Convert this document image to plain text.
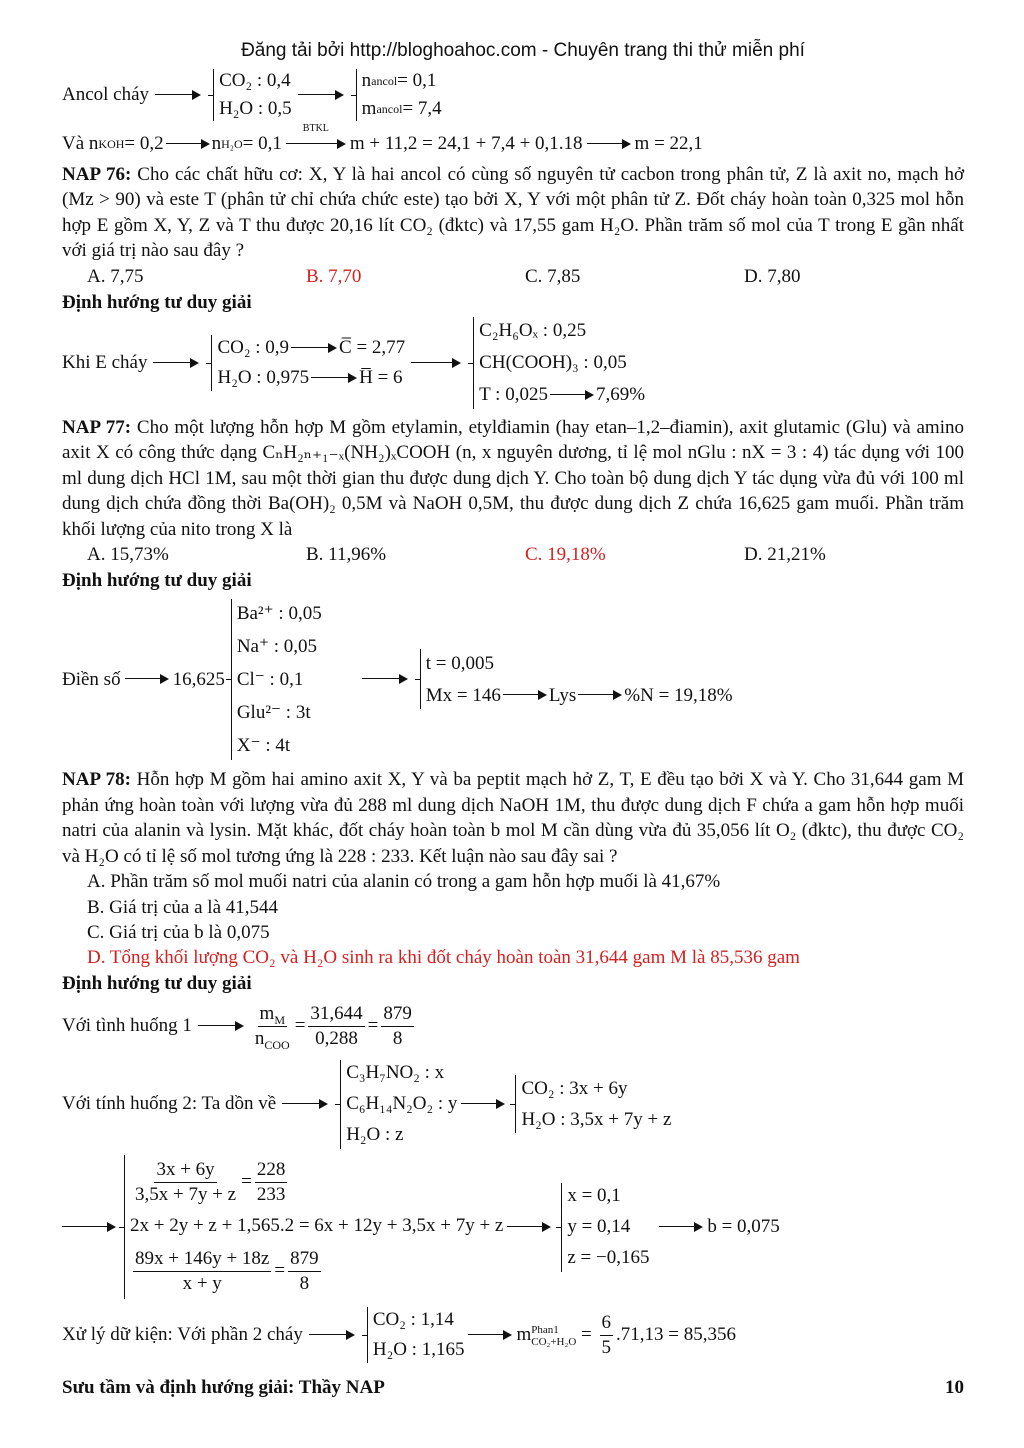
Đăng tải bởi http://bloghoahoc.com - Chuyên trang thi thử miễn phí
Ancol cháy
CO₂ : 0,4
H₂O : 0,5
n ancol = 0,1
m ancol = 7,4
Và n KOH = 0,2	n H₂O = 0,1
BTKL
m + 11,2 = 24,1 + 7,4 + 0,1.18	m = 22,1

NAP 76: Cho các chất hữu cơ: X, Y là hai ancol có cùng số nguyên tử cacbon trong phân tử, Z là axit no, mạch hở (Mz > 90) và este T (phân tử chỉ chứa chức este) tạo bởi X, Y với một phân tử Z. Đốt cháy hoàn toàn 0,325 mol hỗn hợp E gồm X, Y, Z và T thu được 20,16 lít CO₂ (đktc) và 17,55 gam H₂O. Phần trăm số mol của T trong E gần nhất với giá trị nào sau đây ?

A. 7,75	B. 7,70	C. 7,85	D. 7,80

Định hướng tư duy giải

Khi E cháy
CO₂ : 0,9	C̅ = 2,77
H₂O : 0,975	H̅ = 6
C₂H₆Oₓ : 0,25
CH(COOH)₃ : 0,05
T : 0,025	7,69%

NAP 77: Cho một lượng hỗn hợp M gồm etylamin, etylđiamin (hay etan–1,2–điamin), axit glutamic (Glu) và amino axit X có công thức dạng CₙH₂ₙ₊₁₋ₓ(NH₂)ₓCOOH (n, x nguyên dương, tỉ lệ mol nGlu : nX = 3 : 4) tác dụng với 100 ml dung dịch HCl 1M, sau một thời gian thu được dung dịch Y. Cho toàn bộ dung dịch Y tác dụng vừa đủ với 100 ml dung dịch chứa đồng thời Ba(OH)₂ 0,5M và NaOH 0,5M, thu được dung dịch Z chứa 16,625 gam muối. Phần trăm khối lượng của nito trong X là

A. 15,73%	B. 11,96%	C. 19,18%	D. 21,21%

Định hướng tư duy giải

Điền số	16,625
Ba²⁺ : 0,05
Na⁺ : 0,05
Cl⁻ : 0,1
Glu²⁻ : 3t
X⁻ : 4t
t = 0,005
Mx = 146	Lys	%N = 19,18%

NAP 78: Hỗn hợp M gồm hai amino axit X, Y và ba peptit mạch hở Z, T, E đều tạo bởi X và Y. Cho 31,644 gam M phản ứng hoàn toàn với lượng vừa đủ 288 ml dung dịch NaOH 1M, thu được dung dịch F chứa a gam hỗn hợp muối natri của alanin và lysin. Mặt khác, đốt cháy hoàn toàn b mol M cần dùng vừa đủ 35,056 lít O₂ (đktc), thu được CO₂ và H₂O có tỉ lệ số mol tương ứng là 228 : 233. Kết luận nào sau đây sai ?

A. Phần trăm số mol muối natri của alanin có trong a gam hỗn hợp muối là 41,67%

B. Giá trị của a là 41,544

C. Giá trị của b là 0,075

D. Tổng khối lượng CO₂ và H₂O sinh ra khi đốt cháy hoàn toàn 31,644 gam M là 85,536 gam

Định hướng tư duy giải

Với tình huống 1	$\frac{m_M}{n_{COO}} = \frac{31,644}{0,288} = \frac{879}{8}$
Với tính huống 2: Ta dồn về
C₃H₇NO₂ : x
C₆H₁₄N₂O₂ : y
H₂O : z
CO₂ : 3x + 6y
H₂O : 3,5x + 7y + z
$\frac{3x + 6y}{3,5x + 7y + z} = \frac{228}{233}$
2x + 2y + z + 1,565.2 = 6x + 12y + 3,5x + 7y + z
$\frac{89x + 146y + 18z}{x + y} = \frac{879}{8}$
x = 0,1
y = 0,14	b = 0,075
z = −0,165
Xử lý dữ kiện: Với phần 2 cháy
CO₂ : 1,14
H₂O : 1,165
m Phan1
$CO_2+H_2O = \frac{6}{5} .71,13 = 85,356$
Sưu tầm và định hướng giải: Thầy NAP	10
